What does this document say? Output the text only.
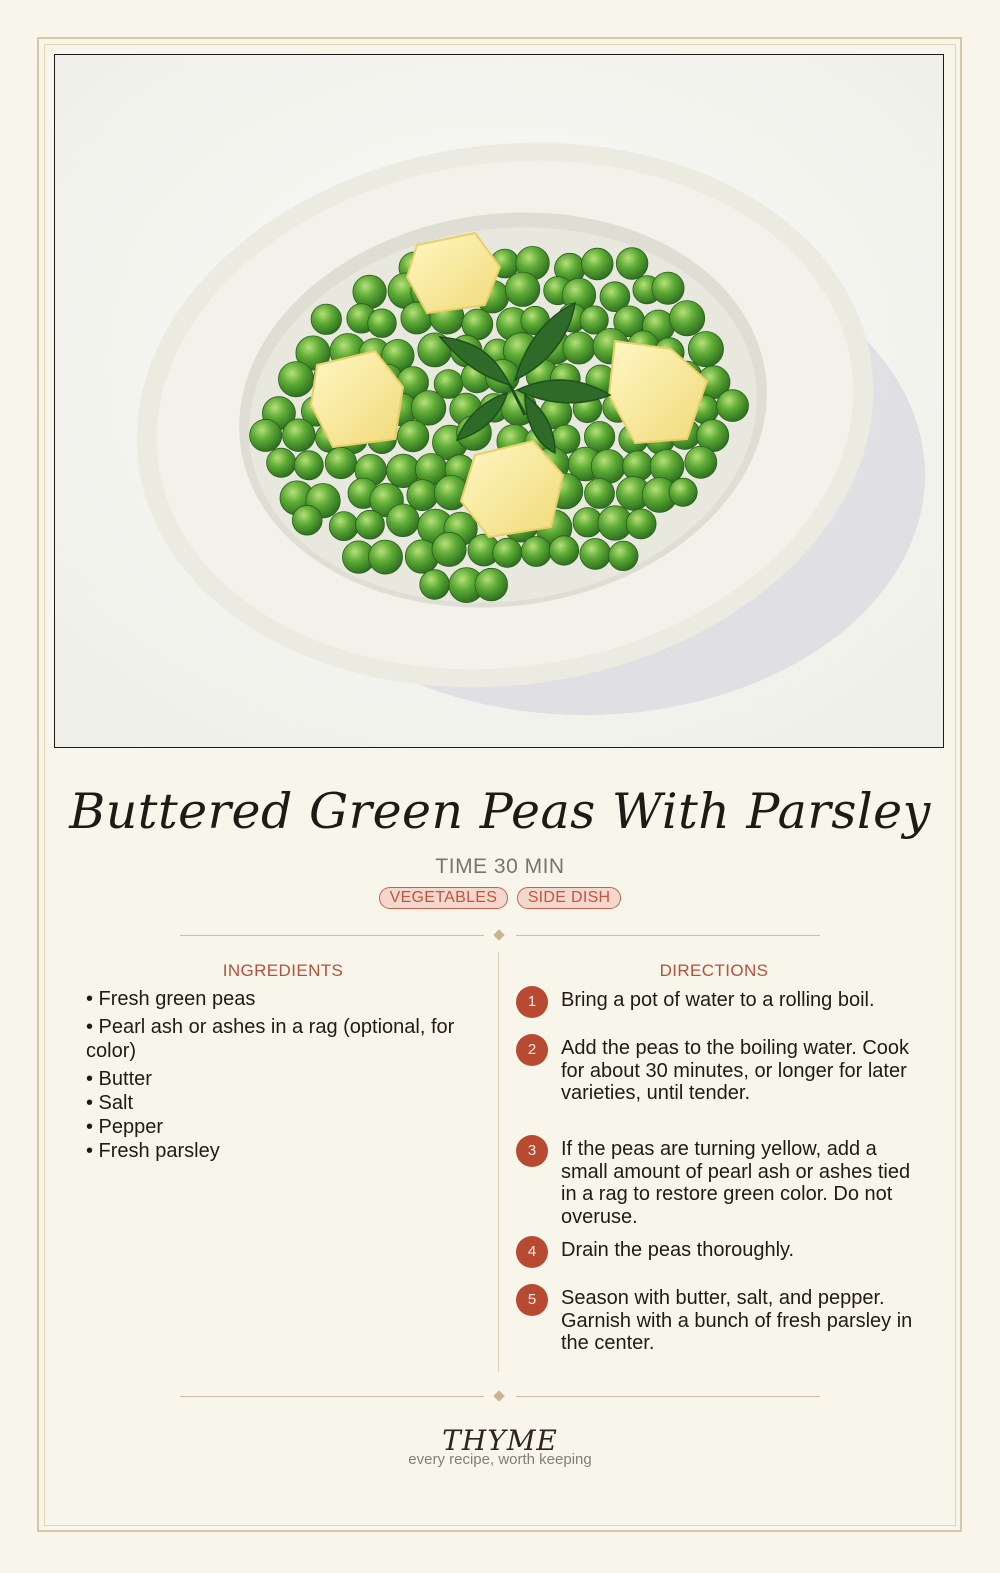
Buttered Green Peas With Parsley
TIME 30 MIN
VEGETABLES SIDE DISH
INGREDIENTS	DIRECTIONS
• Fresh green peas
• Pearl ash or ashes in a rag (optional, for color)
• Butter
• Salt
• Pepper
• Fresh parsley
1	Bring a pot of water to a rolling boil.
2	Add the peas to the boiling water. Cook for about 30 minutes, or longer for later varieties, until tender.
3	If the peas are turning yellow, add a small amount of pearl ash or ashes tied in a rag to restore green color. Do not overuse.
4	Drain the peas thoroughly.
5	Season with butter, salt, and pepper. Garnish with a bunch of fresh parsley in the center.
THYME
every recipe, worth keeping
